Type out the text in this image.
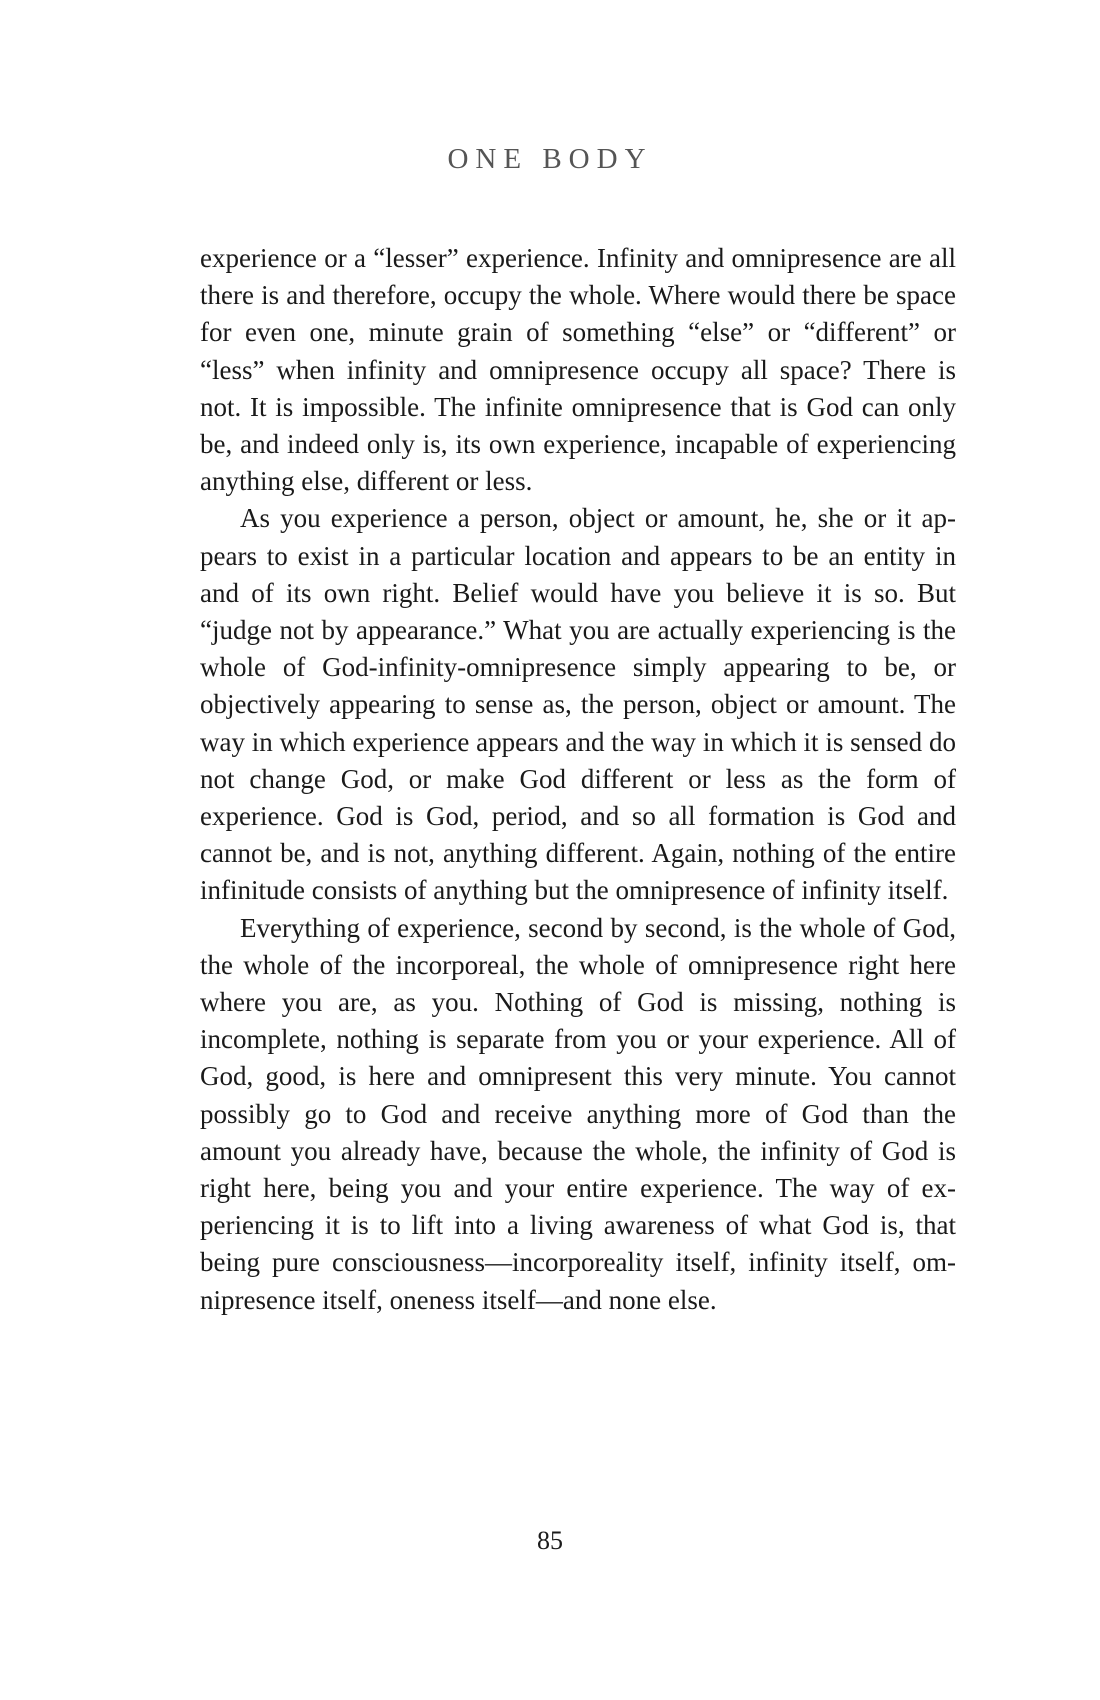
ONE BODY

experience or a “lesser” experience. Infinity and omnipresence are all there is and therefore, occupy the whole. Where would there be space for even one, minute grain of something “else” or “different” or “less” when infinity and omnipresence occupy all space? There is not. It is impossible. The infinite omnipresence that is God can only be, and indeed only is, its own experience, incapable of experiencing anything else, different or less.

As you experience a person, object or amount, he, she or it appears to exist in a particular location and appears to be an entity in and of its own right. Belief would have you believe it is so. But “judge not by appearance.” What you are actually experiencing is the whole of God-infinity-omnipresence simply appearing to be, or objectively appearing to sense as, the person, object or amount. The way in which experience appears and the way in which it is sensed do not change God, or make God different or less as the form of experience. God is God, period, and so all formation is God and cannot be, and is not, anything different. Again, nothing of the entire infinitude consists of anything but the omnipresence of infinity itself.

Everything of experience, second by second, is the whole of God, the whole of the incorporeal, the whole of omnipresence right here where you are, as you. Nothing of God is missing, nothing is incomplete, nothing is separate from you or your experience. All of God, good, is here and omnipresent this very minute. You cannot possibly go to God and receive anything more of God than the amount you already have, because the whole, the infinity of God is right here, being you and your entire experience. The way of experiencing it is to lift into a living awareness of what God is, that being pure consciousness—incorporeality itself, infinity itself, omnipresence itself, oneness itself—and none else.

85
